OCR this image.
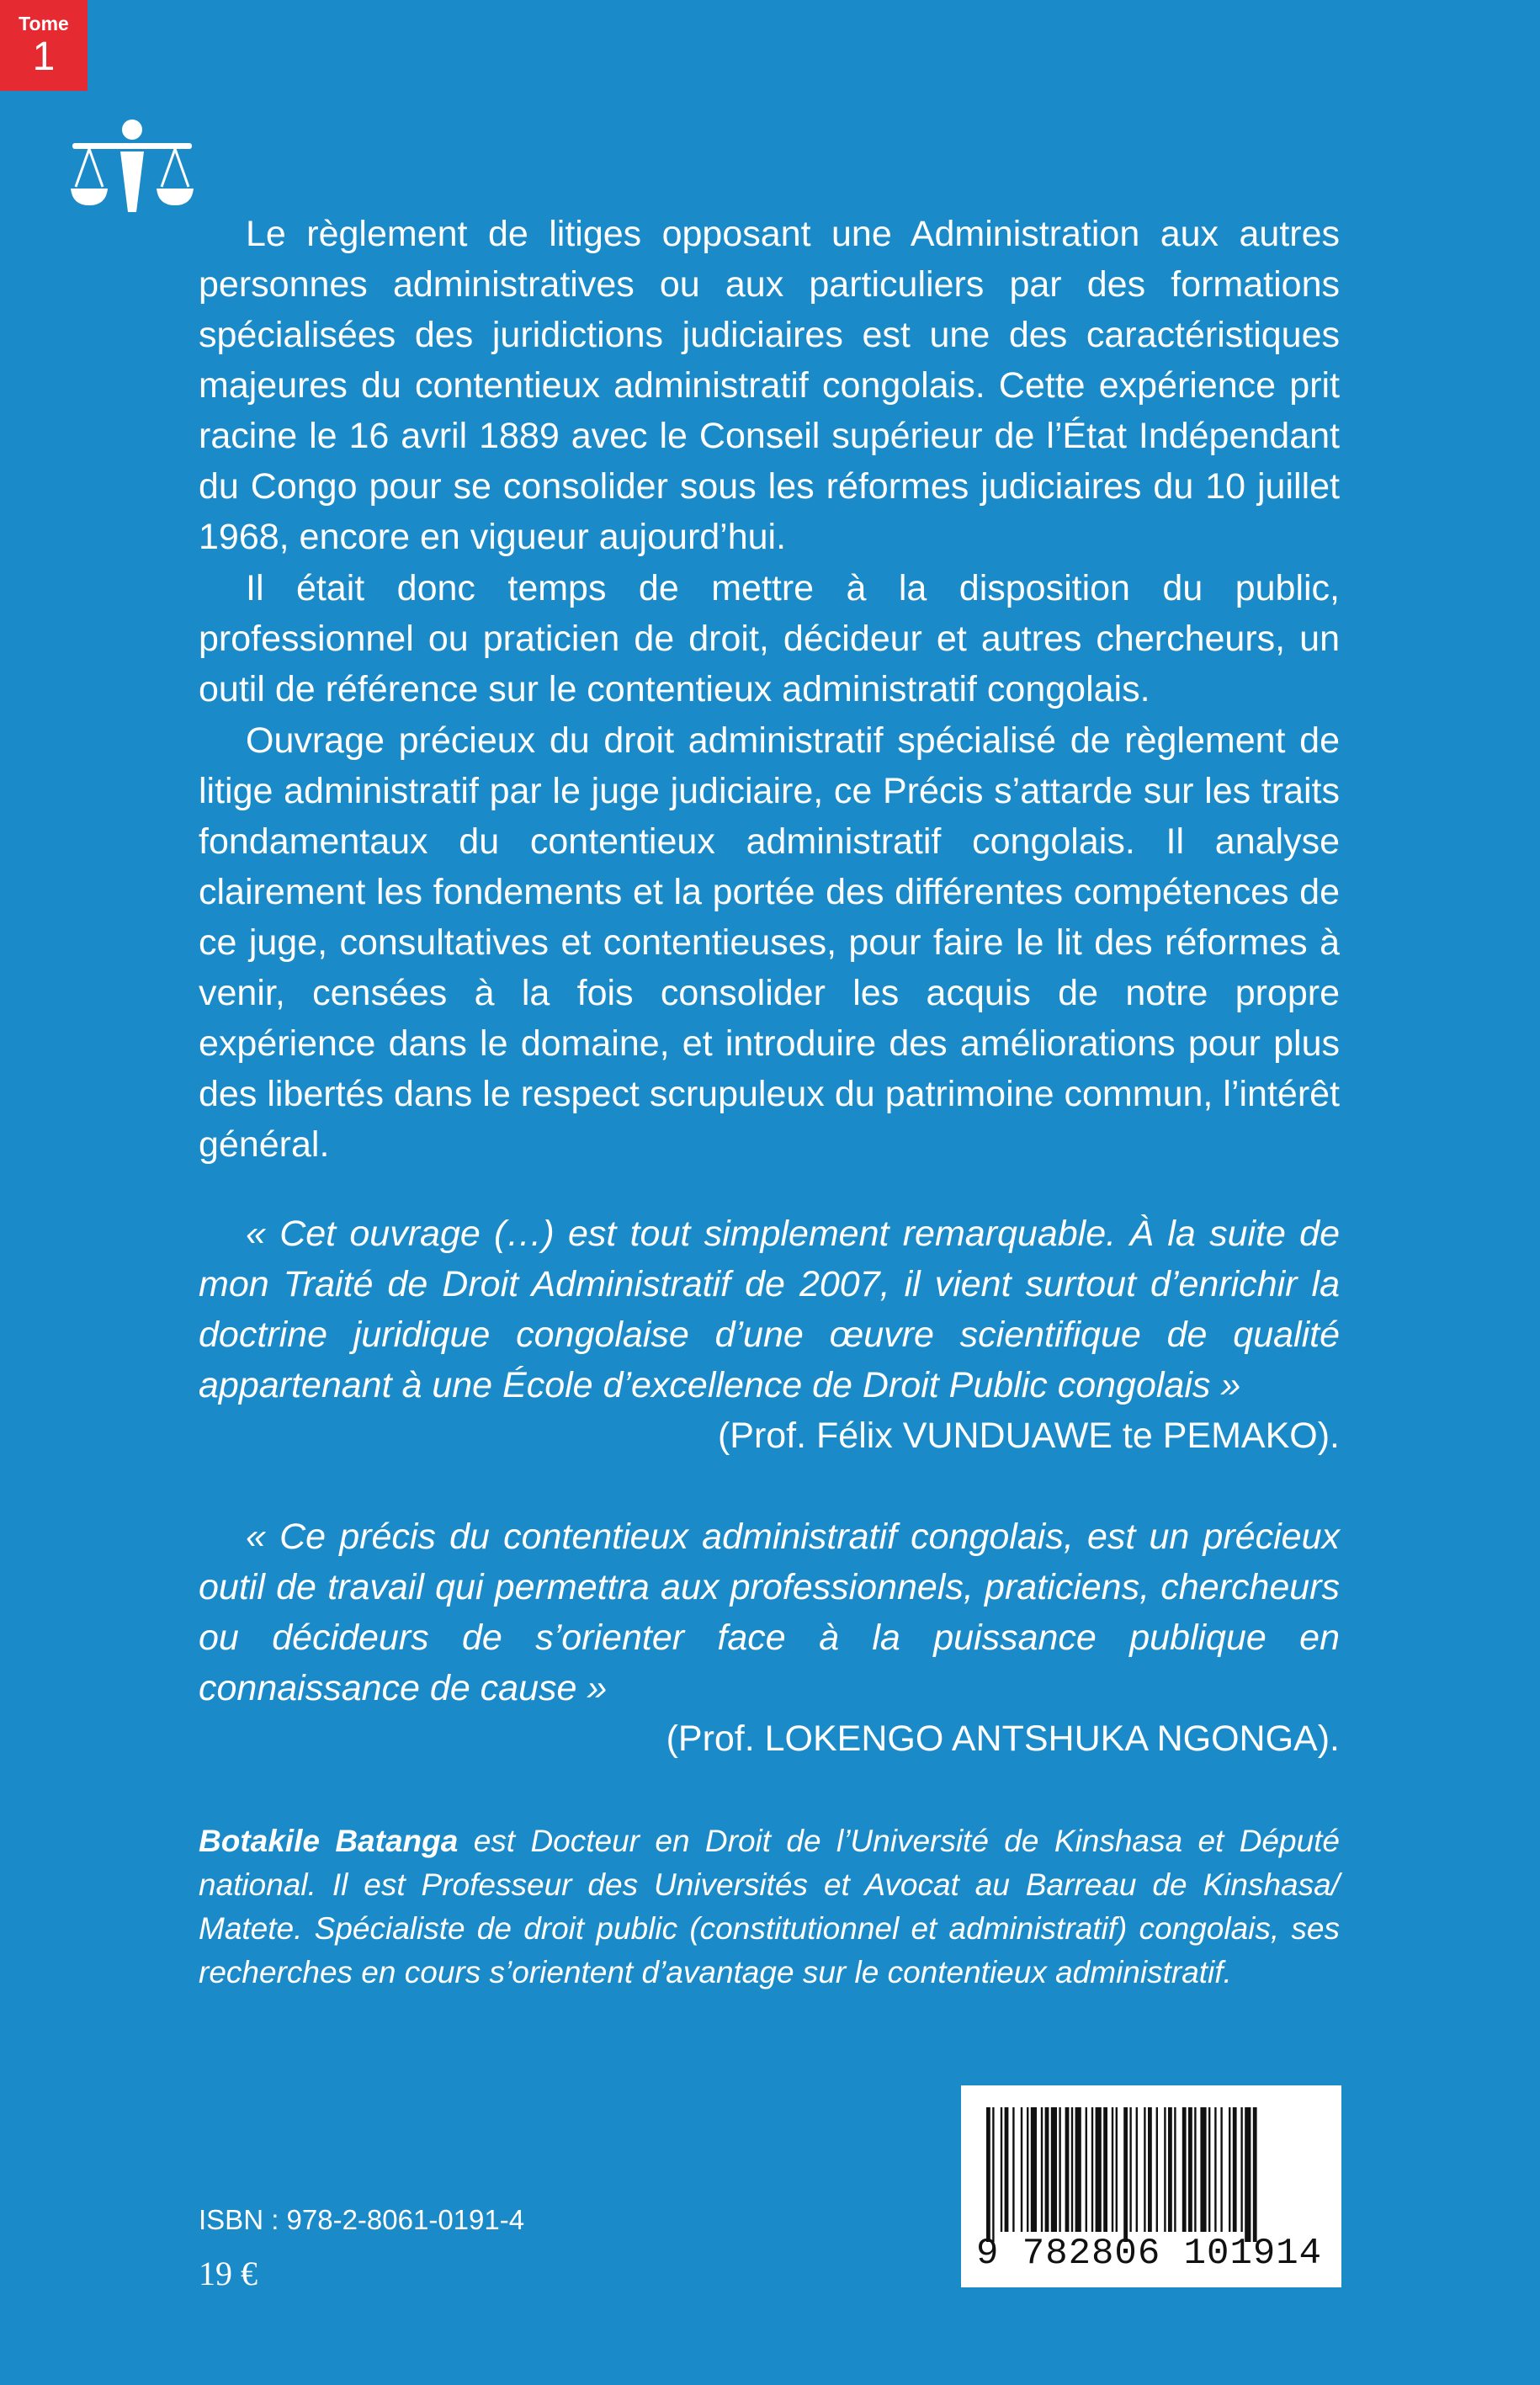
Tome
1

Le règlement de litiges opposant une Administration aux autres personnes administratives ou aux particuliers par des formations spécialisées des juridictions judiciaires est une des caractéristiques majeures du contentieux administratif congolais. Cette expérience prit racine le 16 avril 1889 avec le Conseil supérieur de l’État Indépendant du Congo pour se consolider sous les réformes judiciaires du 10 juillet 1968, encore en vigueur aujourd’hui.

Il était donc temps de mettre à la disposition du public, professionnel ou praticien de droit, décideur et autres chercheurs, un outil de référence sur le contentieux administratif congolais.

Ouvrage précieux du droit administratif spécialisé de règlement de litige administratif par le juge judiciaire, ce Précis s’attarde sur les traits fondamentaux du contentieux administratif congolais. Il analyse clairement les fondements et la portée des différentes compétences de ce juge, consultatives et contentieuses, pour faire le lit des réformes à venir, censées à la fois consolider les acquis de notre propre expérience dans le domaine, et introduire des améliorations pour plus des libertés dans le respect scrupuleux du patrimoine commun, l’intérêt général.

« Cet ouvrage (…) est tout simplement remarquable. À la suite de mon Traité de Droit Administratif de 2007, il vient surtout d’enrichir la doctrine juridique congolaise d’une œuvre scientifique de qualité appartenant à une École d’excellence de Droit Public congolais »

(Prof. Félix VUNDUAWE te PEMAKO).

« Ce précis du contentieux administratif congolais, est un précieux outil de travail qui permettra aux professionnels, praticiens, chercheurs ou décideurs de s’orienter face à la puissance publique en connaissance de cause »

(Prof. LOKENGO ANTSHUKA NGONGA).

Botakile Batanga est Docteur en Droit de l’Université de Kinshasa et Député national. Il est Professeur des Universités et Avocat au Barreau de Kinshasa/ Matete. Spécialiste de droit public (constitutionnel et administratif) congolais, ses recherches en cours s’orientent d’avantage sur le contentieux administratif.

ISBN : 978-2-8061-0191-4
19 €	9 782806 101914
